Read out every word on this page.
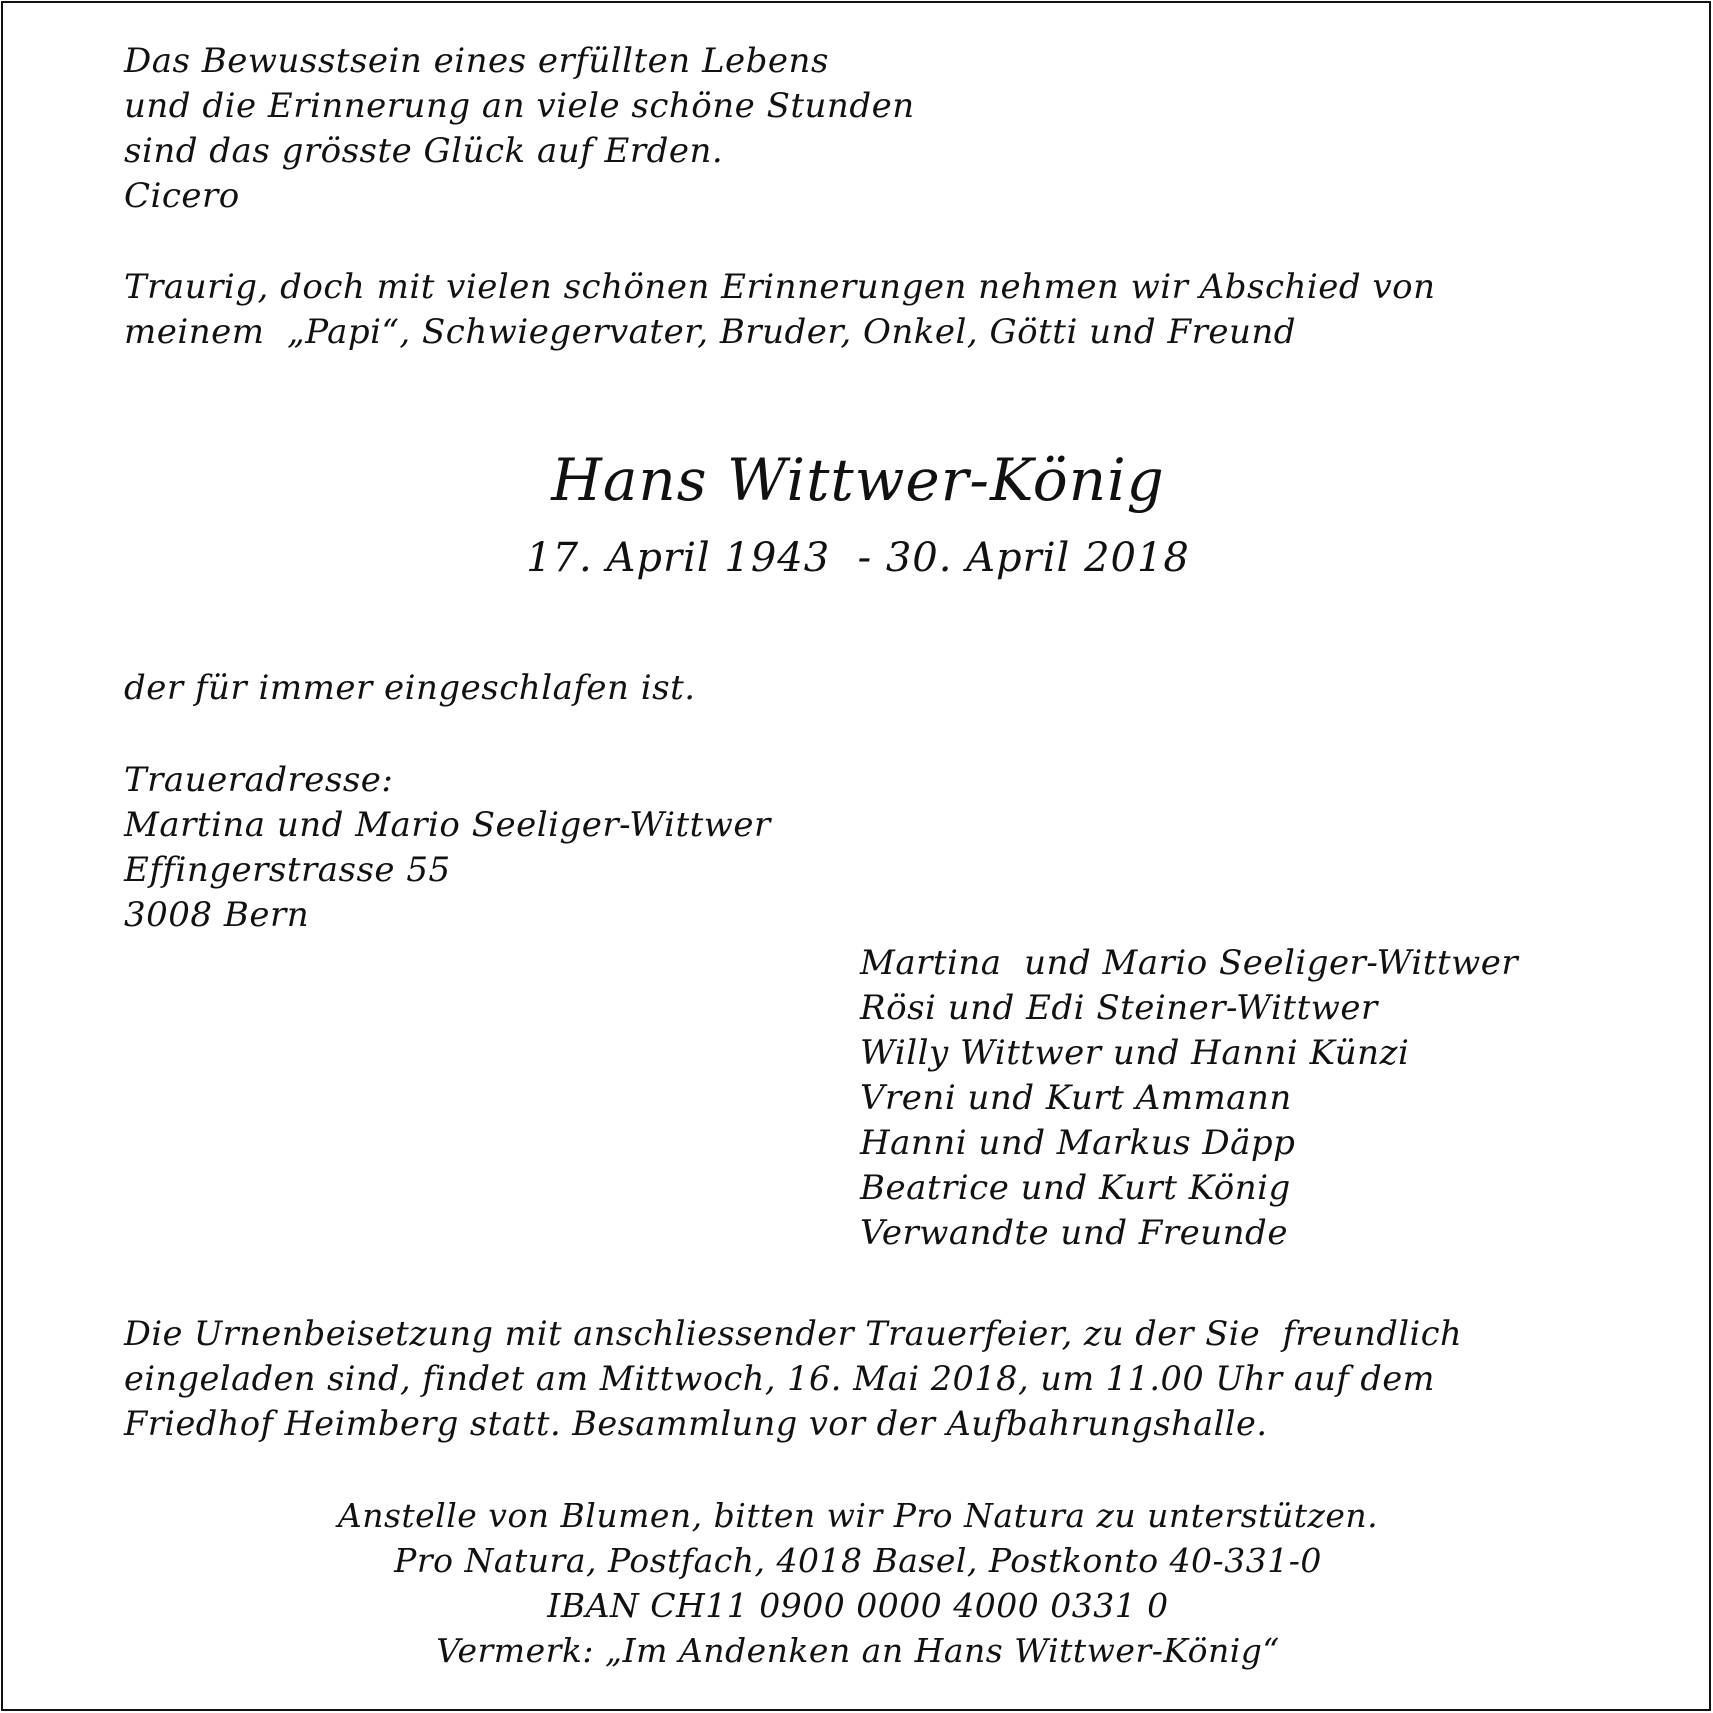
Das Bewusstsein eines erfüllten Lebens
und die Erinnerung an viele schöne Stunden
sind das grösste Glück auf Erden.
Cicero
Traurig, doch mit vielen schönen Erinnerungen nehmen wir Abschied von
meinem  „Papi“, Schwiegervater, Bruder, Onkel, Götti und Freund
Hans Wittwer-König
17. April 1943  - 30. April 2018
der für immer eingeschlafen ist.
Traueradresse:
Martina und Mario Seeliger-Wittwer
Effingerstrasse 55
3008 Bern
Martina  und Mario Seeliger-Wittwer
Rösi und Edi Steiner-Wittwer
Willy Wittwer und Hanni Künzi
Vreni und Kurt Ammann
Hanni und Markus Däpp
Beatrice und Kurt König
Verwandte und Freunde
Die Urnenbeisetzung mit anschliessender Trauerfeier, zu der Sie  freundlich
eingeladen sind, findet am Mittwoch, 16. Mai 2018, um 11.00 Uhr auf dem
Friedhof Heimberg statt. Besammlung vor der Aufbahrungshalle.
Anstelle von Blumen, bitten wir Pro Natura zu unterstützen.
Pro Natura, Postfach, 4018 Basel, Postkonto 40-331-0
IBAN CH11 0900 0000 4000 0331 0
Vermerk: „Im Andenken an Hans Wittwer-König“
